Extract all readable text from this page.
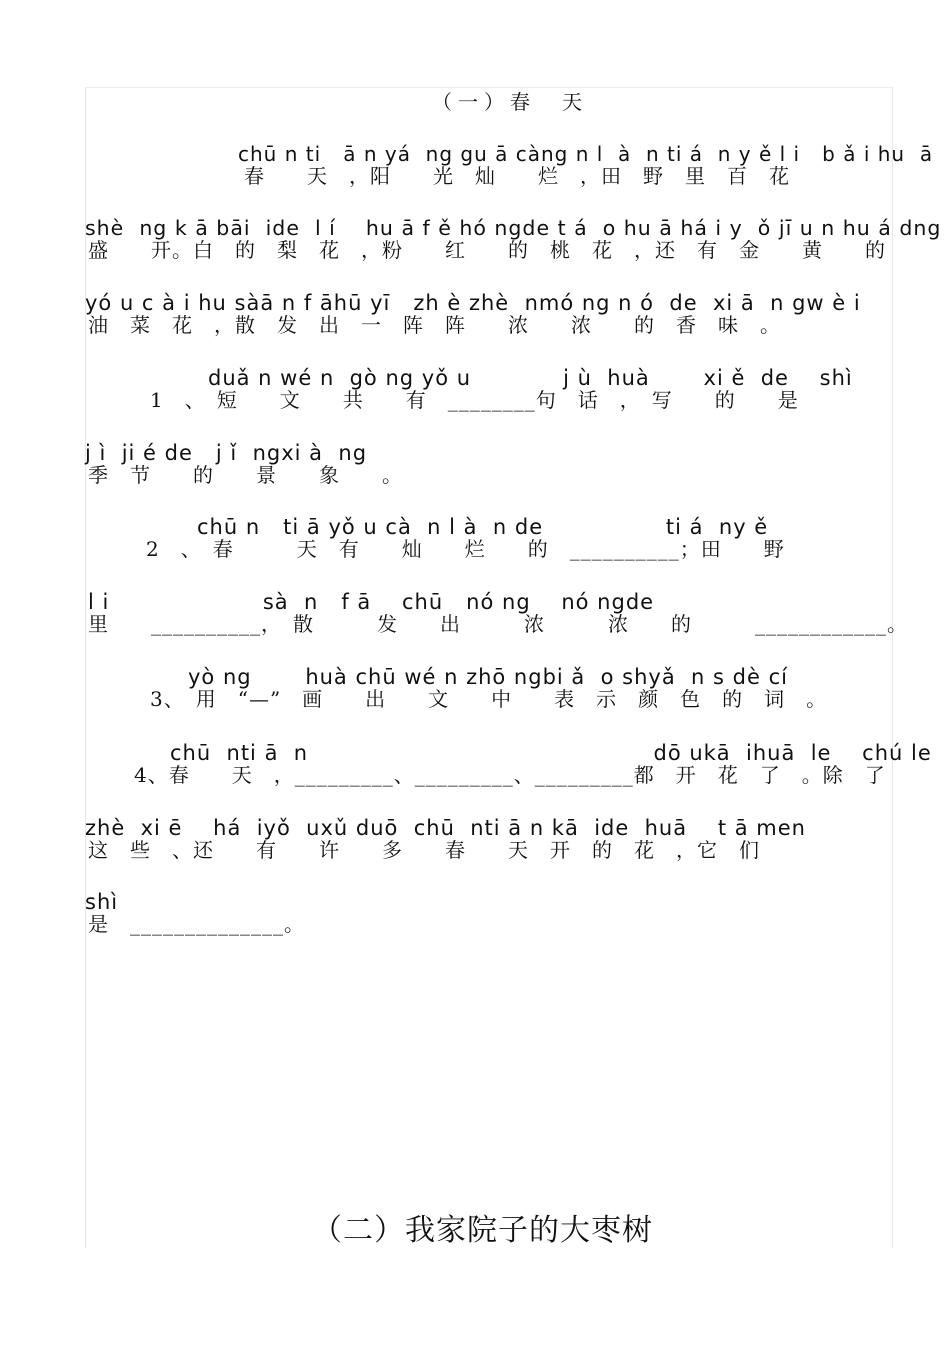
（一）春　天
chū n ti   ā n yá  ng gu ā càng n l  à  n ti á  n y ě l i   b ǎ i hu  ā
春　　天　，阳　　光　灿　　烂　，田　野　里　百　花
shè  ng k ā bāi  ide  l í    hu ā f ě hó ngde t á  o hu ā há i y  ǒ jī u n hu á dng
盛　　开。白　的　梨　花　，粉　　红　　的　桃　花　，还　有　金　　黄　　的
yó u c à i hu sàā n f āhū yī   zh è zhè  nmó ng n ó  de  xi ā  n gw è i
油　菜　花　，散　发　出　一　阵　阵　　浓　　浓　　的　香　味　。
duǎ n wé n  gò ng yǒ u            j ù  huà       xi ě  de    shì
1　、　短　　文　　共　　有　________句　话　，　写　　的　　是
j ì  ji é de   j ǐ  ngxi à  ng
季　节　　的　　景　　象　　。
chū n   ti ā yǒ u cà  n l à  n de                ti á  ny ě
2　、　春　　　天　有　　灿　　烂　　的　__________；田　　野
l i                    sà  n   f ā    chū   nó ng    nó ngde
里　　__________，　散　　　发　　出　　　浓　　　浓　　的　　　____________。
yò ng       huà chū wé n zhō ngbi ǎ  o shyǎ  n s dè cí
3、　用　“—”　画　　出　　文　　中　　表　示　颜　色　的　词　。
chū  nti ā  n                                             dō ukā  ihuā  le    chú le
4、春　　天　，_________、_________、_________都　开　花　了　。除　了
zhè  xi ē    há  iyǒ  uxǔ duō  chū  nti ā n kā  ide  huā    t ā men
这　些　、还　　有　　许　　多　　春　　天　开　的　花　，它　们
shì
是　______________。
（二）我家院子的大枣树
